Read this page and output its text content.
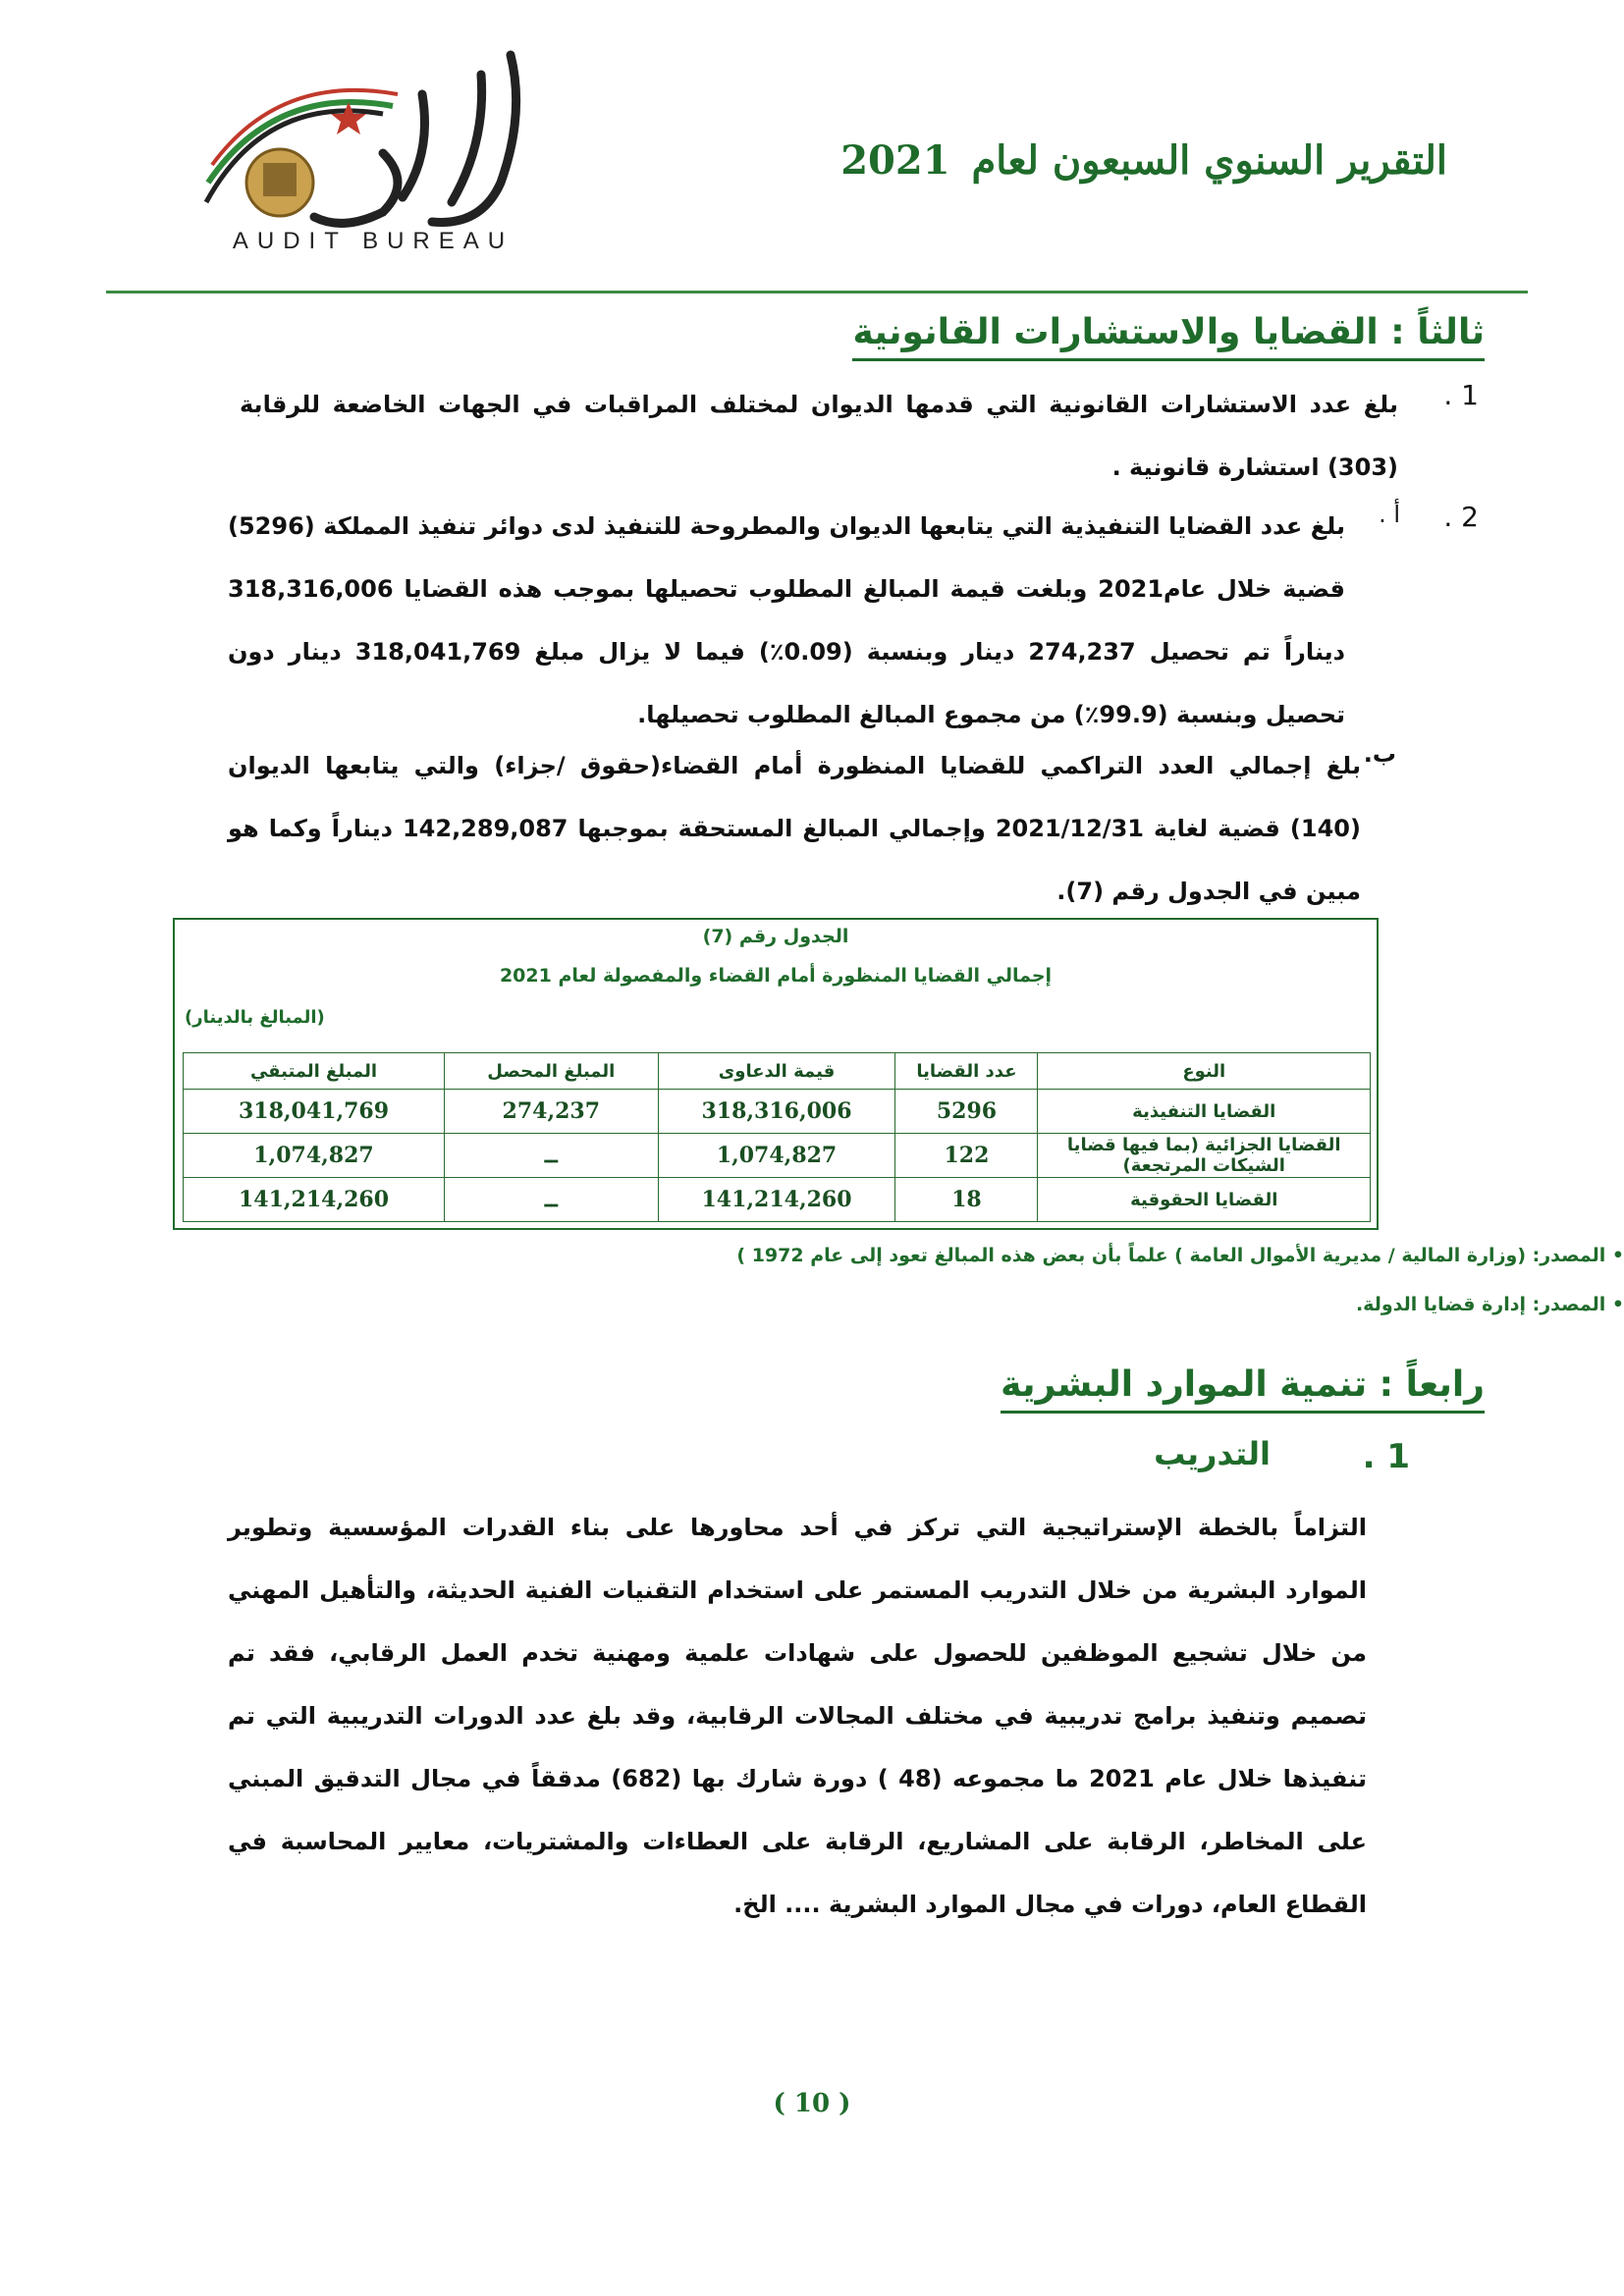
التقرير السنوي السبعون لعام 2021
AUDIT BUREAU
ثالثاً : القضايا والاستشارات القانونية
1 .
بلغ عدد الاستشارات القانونية التي قدمها الديوان لمختلف المراقبات في الجهات الخاضعة للرقابة (303) استشارة قانونية .
2 .
أ .
بلغ عدد القضايا التنفيذية التي يتابعها الديوان والمطروحة للتنفيذ لدى دوائر تنفيذ المملكة (5296) قضية خلال عام2021 وبلغت قيمة المبالغ المطلوب تحصيلها بموجب هذه القضايا 318,316,006 ديناراً تم تحصيل 274,237 دينار وبنسبة (0.09٪) فيما لا يزال مبلغ 318,041,769 دينار دون تحصيل وبنسبة (99.9٪) من مجموع المبالغ المطلوب تحصيلها.
ب.
بلغ إجمالي العدد التراكمي للقضايا المنظورة أمام القضاء(حقوق /جزاء) والتي يتابعها الديوان (140) قضية لغاية 2021/12/31 وإجمالي المبالغ المستحقة بموجبها 142,289,087 ديناراً وكما هو مبين في الجدول رقم (7).
الجدول رقم (7)
إجمالي القضايا المنظورة أمام القضاء والمفصولة لعام 2021
(المبالغ بالدينار)
النوع	عدد القضايا	قيمة الدعاوى	المبلغ المحصل	المبلغ المتبقي
القضايا التنفيذية	5296	318,316,006	274,237	318,041,769
القضايا الجزائية (بما فيها قضايا الشيكات المرتجعة)	122	1,074,827	ــ	1,074,827
القضايا الحقوقية	18	141,214,260	ــ	141,214,260
• المصدر: (وزارة المالية / مديرية الأموال العامة ) علماً بأن بعض هذه المبالغ تعود إلى عام 1972 )
• المصدر: إدارة قضايا الدولة.
رابعاً : تنمية الموارد البشرية
1 .
التدريب
التزاماً بالخطة الإستراتيجية التي تركز في أحد محاورها على بناء القدرات المؤسسية وتطوير الموارد البشرية من خلال التدريب المستمر على استخدام التقنيات الفنية الحديثة، والتأهيل المهني من خلال تشجيع الموظفين للحصول على شهادات علمية ومهنية تخدم العمل الرقابي، فقد تم تصميم وتنفيذ برامج تدريبية في مختلف المجالات الرقابية، وقد بلغ عدد الدورات التدريبية التي تم تنفيذها خلال عام 2021 ما مجموعه (48 ) دورة شارك بها (682) مدققاً في مجال التدقيق المبني على المخاطر، الرقابة على المشاريع، الرقابة على العطاءات والمشتريات، معايير المحاسبة في القطاع العام، دورات في مجال الموارد البشرية .... الخ.
( 10 )
